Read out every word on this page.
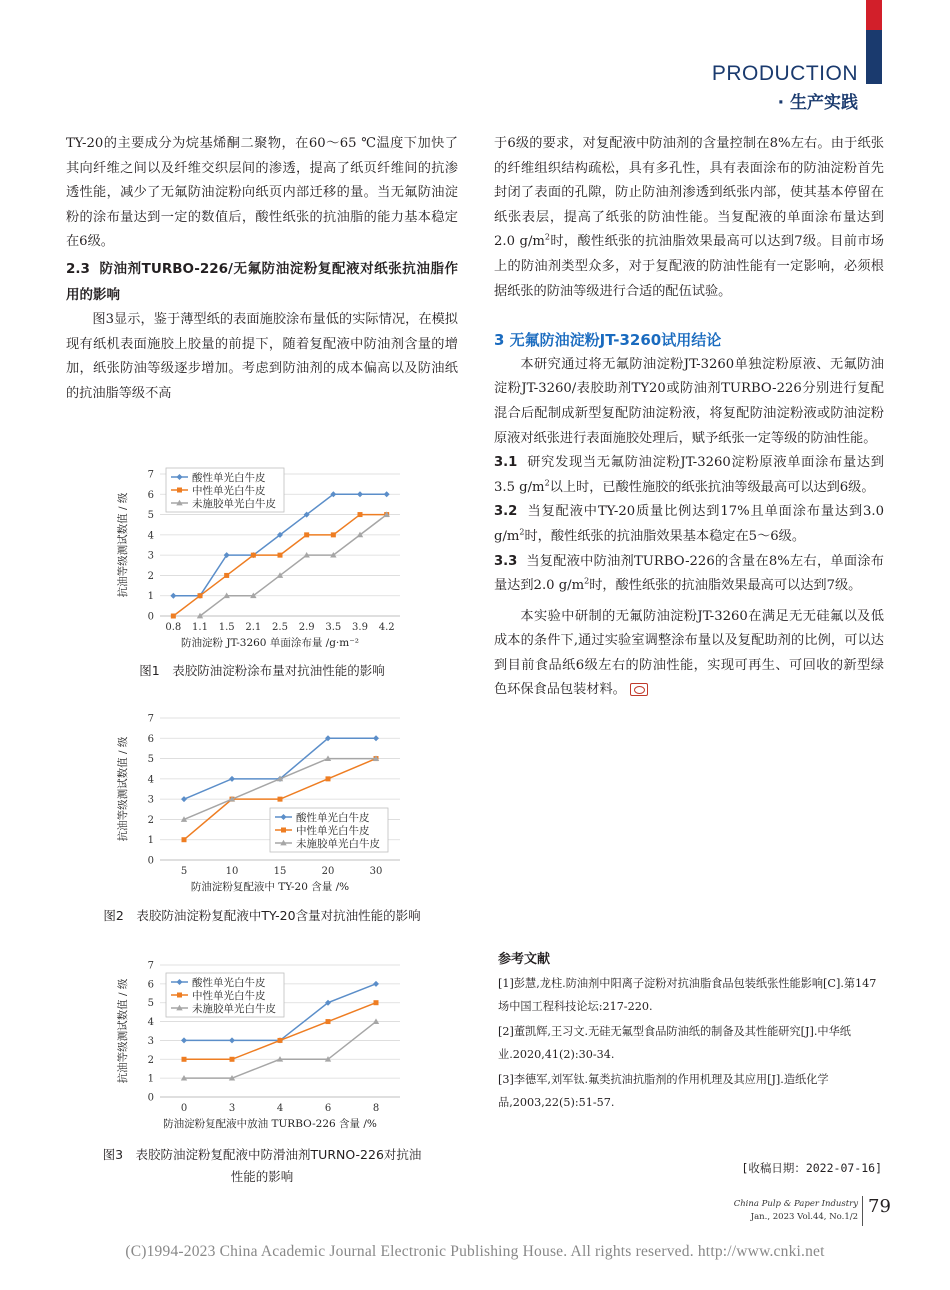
PRODUCTION
· 生产实践

TY-20的主要成分为烷基烯酮二聚物，在60～65 ℃温度下加快了其向纤维之间以及纤维交织层间的渗透，提高了纸页纤维间的抗渗透性能，减少了无氟防油淀粉向纸页内部迁移的量。当无氟防油淀粉的涂布量达到一定的数值后，酸性纸张的抗油脂的能力基本稳定在6级。

2.3 防油剂TURBO-226/无氟防油淀粉复配液对纸张抗油脂作用的影响

图3显示，鉴于薄型纸的表面施胶涂布量低的实际情况，在模拟现有纸机表面施胶上胶量的前提下，随着复配液中防油剂含量的增加，纸张防油等级逐步增加。考虑到防油剂的成本偏高以及防油纸的抗油脂等级不高

于6级的要求，对复配液中防油剂的含量控制在8%左右。由于纸张的纤维组织结构疏松，具有多孔性，具有表面涂布的防油淀粉首先封闭了表面的孔隙，防止防油剂渗透到纸张内部，使其基本停留在纸张表层，提高了纸张的防油性能。当复配液的单面涂布量达到2.0 $g/m^2$时，酸性纸张的抗油脂效果最高可以达到7级。目前市场上的防油剂类型众多，对于复配液的防油性能有一定影响，必须根据纸张的防油等级进行合适的配伍试验。

3 无氟防油淀粉JT-3260试用结论

本研究通过将无氟防油淀粉JT-3260单独淀粉原液、无氟防油淀粉JT-3260/表胶助剂TY20或防油剂TURBO-226分别进行复配混合后配制成新型复配防油淀粉液，将复配防油淀粉液或防油淀粉原液对纸张进行表面施胶处理后，赋予纸张一定等级的防油性能。

3.1 研究发现当无氟防油淀粉JT-3260淀粉原液单面涂布量达到3.5 $g/m^2$以上时，已酸性施胶的纸张抗油等级最高可以达到6级。

3.2 当复配液中TY-20质量比例达到17%且单面涂布量达到3.0 $g/m^2$时，酸性纸张的抗油脂效果基本稳定在5～6级。

3.3 当复配液中防油剂TURBO-226的含量在8%左右，单面涂布量达到2.0 $g/m^2$时，酸性纸张的抗油脂效果最高可以达到7级。

本实验中研制的无氟防油淀粉JT-3260在满足无无硅氟以及低成本的条件下,通过实验室调整涂布量以及复配助剂的比例，可以达到目前食品纸6级左右的防油性能，实现可再生、可回收的新型绿色环保食品包装材料。

0
1
2
3
4
5
6
7
0.8 1.1 1.5 2.1 2.5 2.9 3.5 3.9 4.2
防油淀粉 JT-3260 单面涂布量 /g·m⁻²
抗油等级测试数值 / 级
酸性单光白牛皮
中性单光白牛皮
未施胶单光白牛皮
图1　表胶防油淀粉涂布量对抗油性能的影响
0
1
2
3
4
5
6
7
5	10	15	20	30
防油淀粉复配液中 TY-20 含量 /%
抗油等级测试数值 / 级	酸性单光白牛皮
中性单光白牛皮
未施胶单光白牛皮
图2　表胶防油淀粉复配液中TY-20含量对抗油性能的影响
0
1
2
3
4
5
6
7
0	3	4	6	8
防油淀粉复配液中放油 TURBO-226 含量 /%
抗油等级测试数值 / 级	酸性单光白牛皮
中性单光白牛皮
未施胶单光白牛皮
图3　表胶防油淀粉复配液中防滑油剂TURNO-226对抗油
性能的影响
参考文献
[1]彭慧,龙柱.防油剂中阳离子淀粉对抗油脂食品包装纸张性能影响[C].第147场中国工程科技论坛:217-220.
[2]董凯辉,王习文.无硅无氟型食品防油纸的制备及其性能研究[J].中华纸业.2020,41(2):30-34.
[3]李德军,刘军钛.氟类抗油抗脂剂的作用机理及其应用[J].造纸化学品,2003,22(5):51-57.
[收稿日期：2022-07-16]
China Pulp & Paper Industry
Jan., 2023 Vol.44, No.1/2 79
(C)1994-2023 China Academic Journal Electronic Publishing House. All rights reserved. http://www.cnki.net
